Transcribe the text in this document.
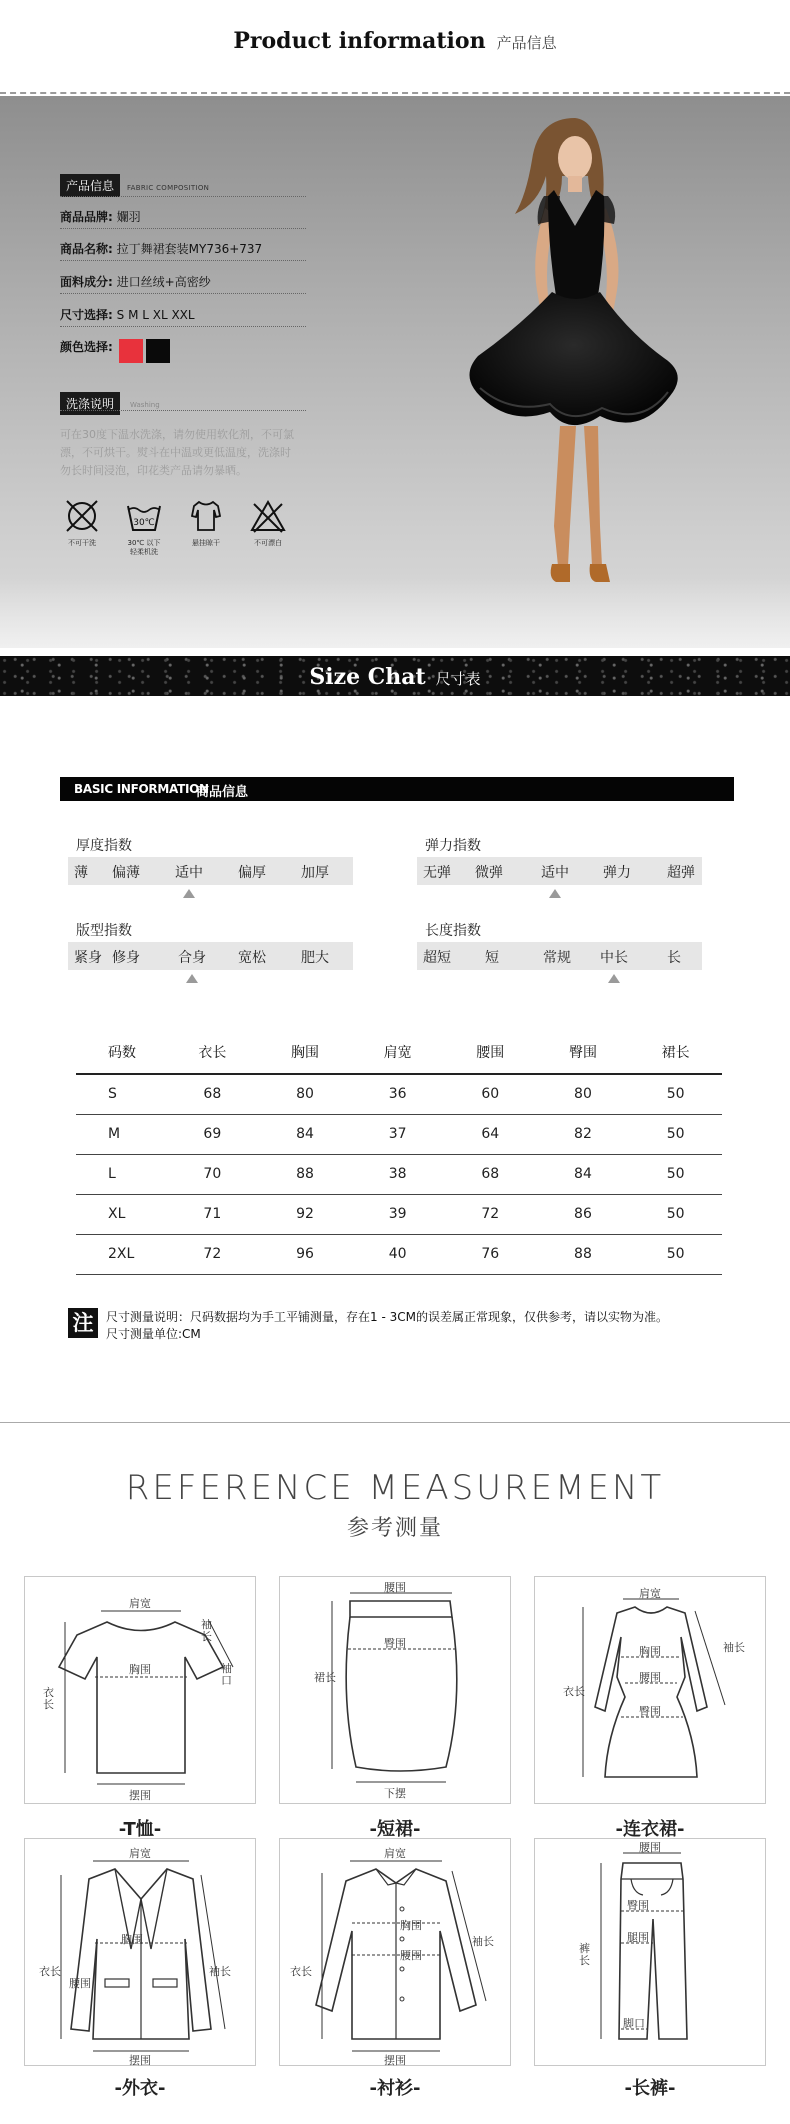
Product information 产品信息
产品信息	FABRIC COMPOSITION
商品品牌: 孄羽
商品名称: 拉丁舞裙套装MY736+737
面料成分: 进口丝绒+高密纱
尺寸选择: S M L XL XXL
颜色选择:
洗涤说明	Washing
可在30度下温水洗涤，请勿使用软化剂，不可氯漂，不可烘干。熨斗在中温或更低温度，洗涤时勿长时间浸泡，印花类产品请勿暴晒。
不可干洗
30℃
30℃ 以下
轻柔机洗
悬挂晾干	不可漂白
Size Chat 尺寸表
BASIC INFORMATION
商品信息
厚度指数
薄 偏薄	适中	偏厚	加厚
弹力指数
无弹 微弹	适中 弹力	超弹
版型指数
紧身 修身	合身 宽松	肥大
长度指数
超短 短	常规 中长	长
码数	衣长	胸围	肩宽	腰围	臀围	裙长
S	68	80	36	60	80	50
M	69	84	37	64	82	50
L	70	88	38	68	84	50
XL	71	92	39	72	86	50
2XL	72	96	40	76	88	50
注	尺寸测量说明：尺码数据均为手工平铺测量，存在1 - 3CM的误差属正常现象，仅供参考，请以实物为准。
尺寸测量单位:CM
REFERENCE MEASUREMENT
参考测量
肩宽
袖长
袖口
胸围
衣长
摆围
-T恤-
腰围
臀围
裙长
下摆
-短裙-
肩宽
胸围
腰围
臀围
衣长
袖长
-连衣裙-
肩宽
胸围
腰围
衣长	袖长
摆围
-外衣-
肩宽
胸围
腰围
衣长
袖长
摆围
-衬衫-
腰围
臀围
腿围
裤长
脚口
-长裤-
